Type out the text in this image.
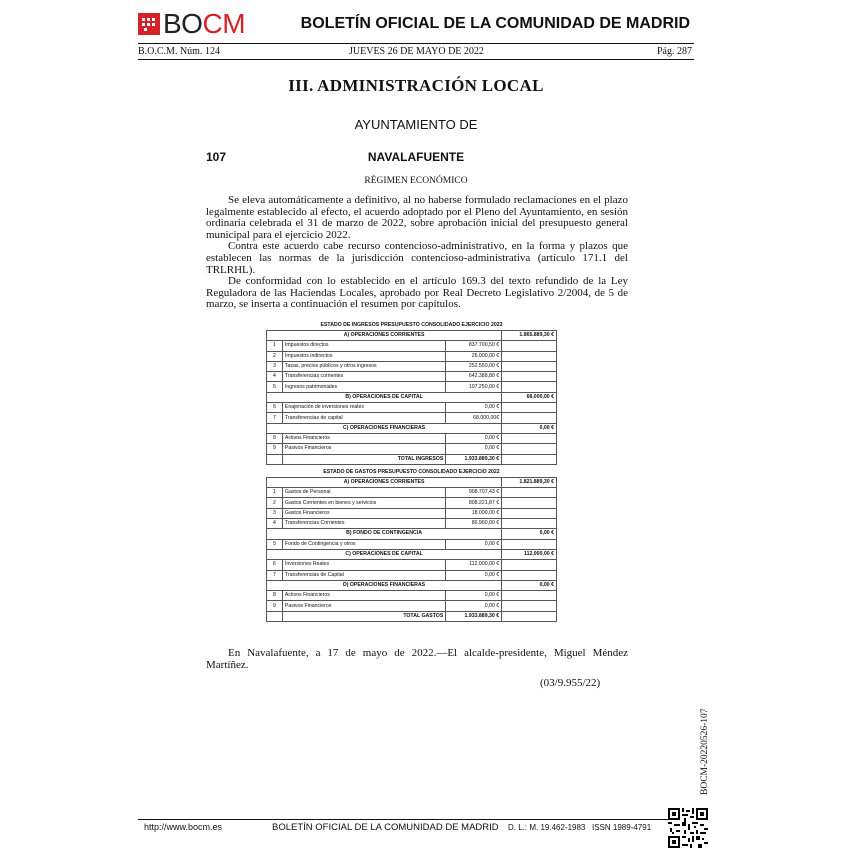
BOCM	BOLETÍN OFICIAL DE LA COMUNIDAD DE MADRID
B.O.C.M. Núm. 124	JUEVES 26 DE MAYO DE 2022	Pág. 287
III. ADMINISTRACIÓN LOCAL
AYUNTAMIENTO DE
107	NAVALAFUENTE
RÉGIMEN ECONÓMICO

Se eleva automáticamente a definitivo, al no haberse formulado reclamaciones en el plazo legalmente establecido al efecto, el acuerdo adoptado por el Pleno del Ayuntamiento, en sesión ordinaria celebrada el 31 de marzo de 2022, sobre aprobación inicial del presupuesto general municipal para el ejercicio 2022.

Contra este acuerdo cabe recurso contencioso-administrativo, en la forma y plazos que establecen las normas de la jurisdicción contencioso-administrativa (artículo 171.1 del TRLRHL).

De conformidad con lo establecido en el artículo 169.3 del texto refundido de la Ley Reguladora de las Haciendas Locales, aprobado por Real Decreto Legislativo 2/2004, de 5 de marzo, se inserta a continuación el resumen por capítulos.

ESTADO DE INGRESOS PRESUPUESTO CONSOLIDADO EJERCICIO 2022
A) OPERACIONES CORRIENTES			1.865.889,30 €
1	Impuestos directos	837.700,50 €	
2	Impuestos indirectos	26.000,00 €	
3	Tasas, precios públicos y otros ingresos	252.550,00 €	
4	Transferencias corrientes	642.388,80 €	
5	Ingresos patrimoniales	107.250,00 €	
B) OPERACIONES DE CAPITAL			68.000,00 €
6	Enajenación de inversiones reales	0,00 €	
7	Transferencias de capital	68.000,00€	
C) OPERACIONES FINANCIERAS			0,00 €
8	Activos Financieros	0,00 €	
9	Pasivos Financieros	0,00 €	
	TOTAL INGRESOS	1.933.889,30 €	
ESTADO DE GASTOS PRESUPUESTO CONSOLIDADO EJERCICIO 2022
A) OPERACIONES CORRIENTES			1.821.889,30 €
1	Gastos de Personal	908.707,43 €	
2	Gastos Corrientes en bienes y servicios	808.221,87 €	
3	Gastos Financieros	18.000,00 €	
4	Transferencias Corrientes	86.960,00 €	
B) FONDO DE CONTINGENCIA			0,00 €
5	Fondo de Contingencia y otros	0,00 €	
C) OPERACIONES DE CAPITAL			112.000,00 €
6	Inversiones Reales	112.000,00 €	
7	Transferencias de Capital	0,00 €	
D) OPERACIONES FINANCIERAS			0,00 €
8	Activos Financieros	0,00 €	
9	Pasivos Financieros	0,00 €	
	TOTAL GASTOS	1.933.889,30 €	

En Navalafuente, a 17 de mayo de 2022.—El alcalde-presidente, Miguel Méndez Martíñez.

(03/9.955/22)
BOCM-20220526-107
http://www.bocm.es	BOLETÍN OFICIAL DE LA COMUNIDAD DE MADRID D. L.: M. 19.462-1983 ISSN 1989-4791
